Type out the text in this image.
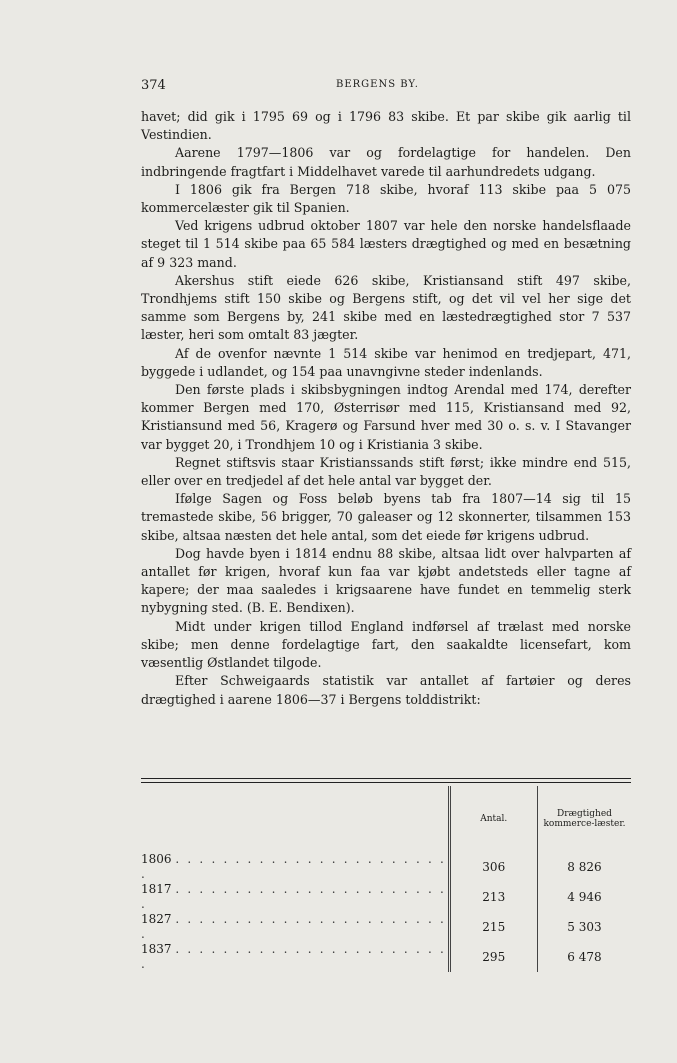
374	BERGENS BY.

havet; did gik i 1795 69 og i 1796 83 skibe. Et par skibe gik aarlig til Vestindien.

Aarene 1797—1806 var og fordelagtige for handelen. Den indbringende fragtfart i Middelhavet varede til aarhundredets udgang.

I 1806 gik fra Bergen 718 skibe, hvoraf 113 skibe paa 5 075 kommercelæster gik til Spanien.

Ved krigens udbrud oktober 1807 var hele den norske handelsflaade steget til 1 514 skibe paa 65 584 læsters drægtighed og med en besætning af 9 323 mand.

Akershus stift eiede 626 skibe, Kristiansand stift 497 skibe, Trondhjems stift 150 skibe og Bergens stift, og det vil vel her sige det samme som Bergens by, 241 skibe med en læstedrægtighed stor 7 537 læster, heri som omtalt 83 jægter.

Af de ovenfor nævnte 1 514 skibe var henimod en tredjepart, 471, byggede i udlandet, og 154 paa unavngivne steder indenlands.

Den første plads i skibsbygningen indtog Arendal med 174, derefter kommer Bergen med 170, Østerrisør med 115, Kristiansand med 92, Kristiansund med 56, Kragerø og Farsund hver med 30 o. s. v. I Stavanger var bygget 20, i Trondhjem 10 og i Kristiania 3 skibe.

Regnet stiftsvis staar Kristianssands stift først; ikke mindre end 515, eller over en tredjedel af det hele antal var bygget der.

Ifølge Sagen og Foss beløb byens tab fra 1807—14 sig til 15 tremastede skibe, 56 brigger, 70 galeaser og 12 skonnerter, tilsammen 153 skibe, altsaa næsten det hele antal, som det eiede før krigens udbrud.

Dog havde byen i 1814 endnu 88 skibe, altsaa lidt over halvparten af antallet før krigen, hvoraf kun faa var kjøbt andetsteds eller tagne af kapere; der maa saaledes i krigsaarene have fundet en temmelig sterk nybygning sted. (B. E. Bendixen).

Midt under krigen tillod England indførsel af trælast med norske skibe; men denne fordelagtige fart, den saakaldte licensefart, kom væsentlig Østlandet tilgode.

Efter Schweigaards statistik var antallet af fartøier og deres drægtighed i aarene 1806—37 i Bergens tolddistrikt:

	Antal.	Drægtighed kommerce-læster.
1806 . . . . . . . . . . . . . . . . . . . . . . . .	306	8 826
1817 . . . . . . . . . . . . . . . . . . . . . . . .	213	4 946
1827 . . . . . . . . . . . . . . . . . . . . . . . .	215	5 303
1837 . . . . . . . . . . . . . . . . . . . . . . . .	295	6 478
